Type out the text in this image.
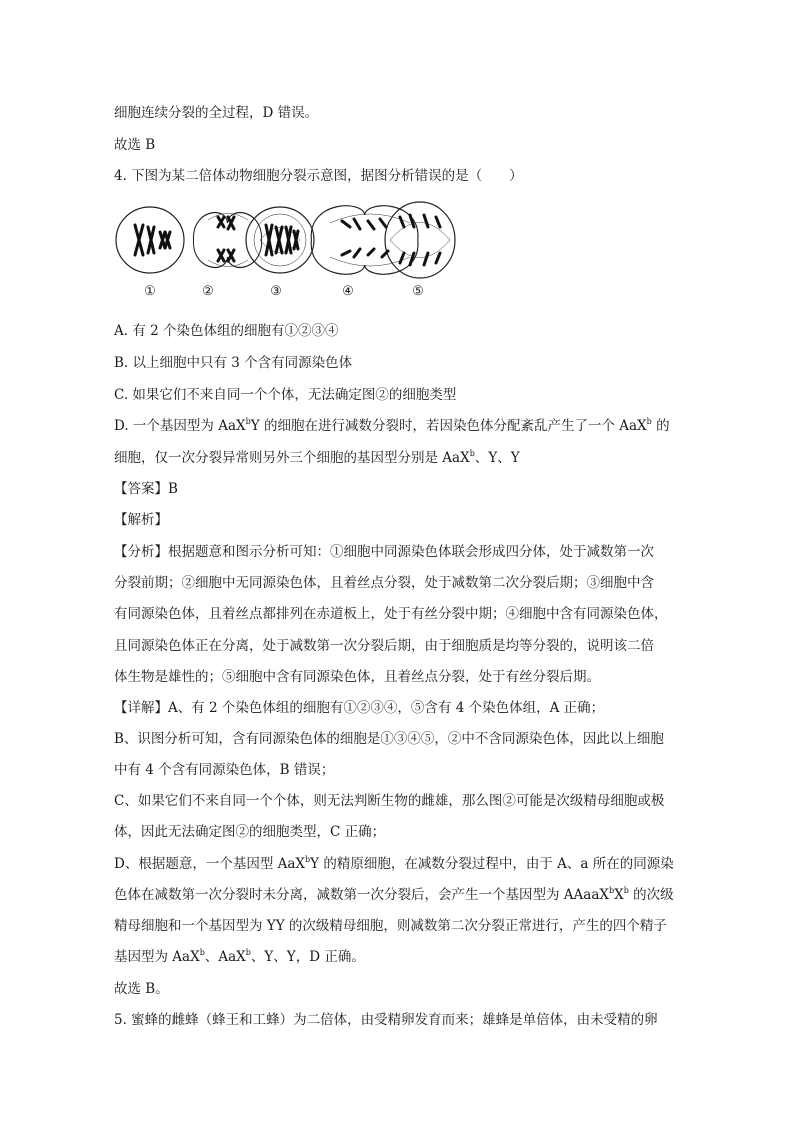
细胞连续分裂的全过程，D 错误。
故选 B
4. 下图为某二倍体动物细胞分裂示意图，据图分析错误的是（　　）
①	②	③	④	⑤
A. 有 2 个染色体组的细胞有①②③④
B. 以上细胞中只有 3 个含有同源染色体
C. 如果它们不来自同一个个体，无法确定图②的细胞类型
D. 一个基因型为 AaX$^b$Y 的细胞在进行减数分裂时，若因染色体分配紊乱产生了一个 AaX$^b$ 的
细胞，仅一次分裂异常则另外三个细胞的基因型分别是 AaX$^b$、Y、Y
【答案】B
【解析】
【分析】根据题意和图示分析可知：①细胞中同源染色体联会形成四分体，处于减数第一次
分裂前期；②细胞中无同源染色体，且着丝点分裂，处于减数第二次分裂后期；③细胞中含
有同源染色体，且着丝点都排列在赤道板上，处于有丝分裂中期；④细胞中含有同源染色体，
且同源染色体正在分离，处于减数第一次分裂后期，由于细胞质是均等分裂的，说明该二倍
体生物是雄性的；⑤细胞中含有同源染色体，且着丝点分裂，处于有丝分裂后期。
【详解】A、有 2 个染色体组的细胞有①②③④，⑤含有 4 个染色体组，A 正确；
B、识图分析可知，含有同源染色体的细胞是①③④⑤，②中不含同源染色体，因此以上细胞
中有 4 个含有同源染色体，B 错误；
C、如果它们不来自同一个个体，则无法判断生物的雌雄，那么图②可能是次级精母细胞或极
体，因此无法确定图②的细胞类型，C 正确；
D、根据题意，一个基因型 AaX$^b$Y 的精原细胞，在减数分裂过程中，由于 A、a 所在的同源染
色体在减数第一次分裂时未分离，减数第一次分裂后，会产生一个基因型为 $AAaaX^bX^b$ 的次级
精母细胞和一个基因型为 YY 的次级精母细胞，则减数第二次分裂正常进行，产生的四个精子
基因型为 AaX$^b$、AaX$^b$、Y、Y，D 正确。
故选 B。
5. 蜜蜂的雌蜂（蜂王和工蜂）为二倍体，由受精卵发育而来；雄蜂是单倍体，由未受精的卵
